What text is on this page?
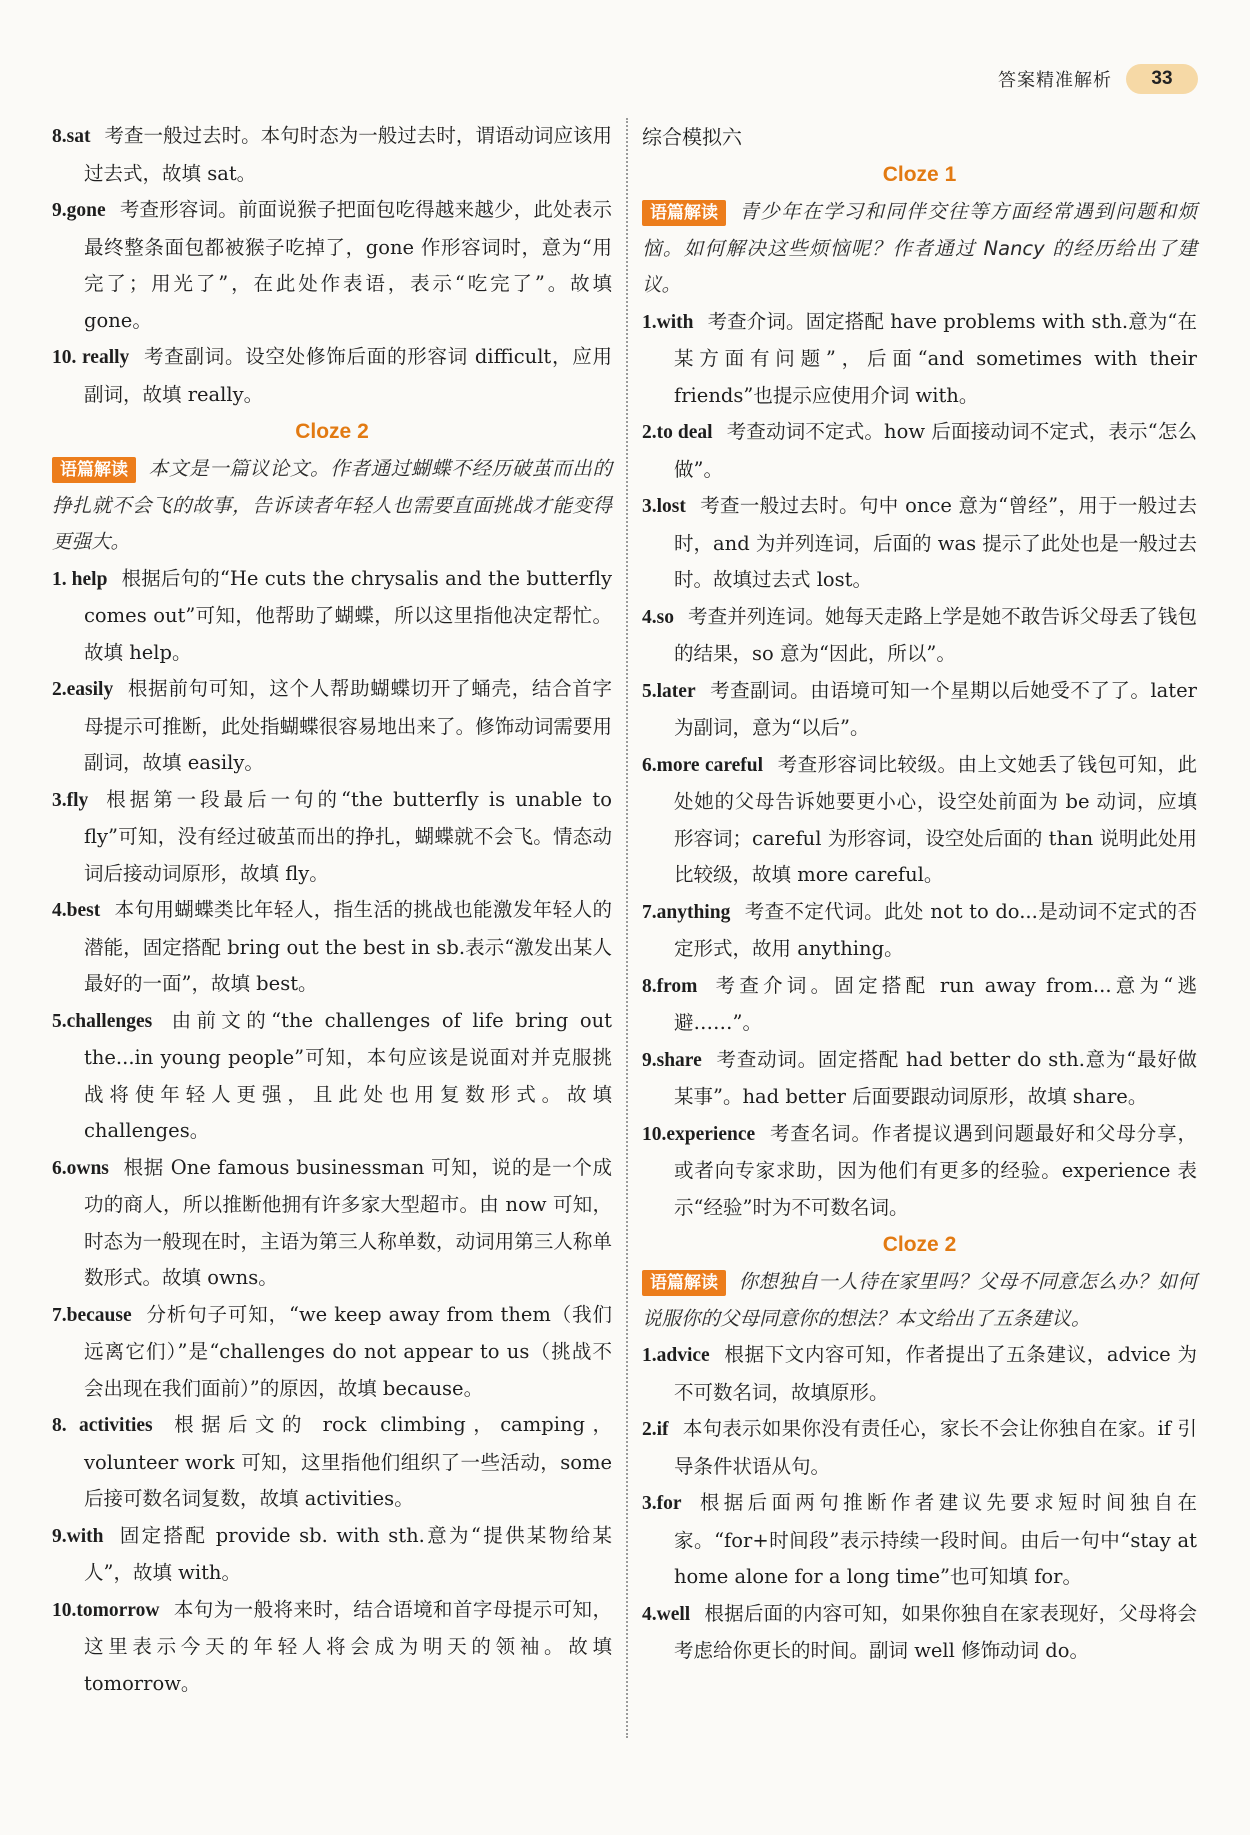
答案精准解析	33
8.sat 考查一般过去时。本句时态为一般过去时，谓语动词应该用过去式，故填 sat。
9.gone 考查形容词。前面说猴子把面包吃得越来越少，此处表示最终整条面包都被猴子吃掉了，gone 作形容词时，意为“用完了；用光了”，在此处作表语，表示“吃完了”。故填 gone。
10. really 考查副词。设空处修饰后面的形容词 difficult，应用副词，故填 really。
Cloze 2
语篇解读 本文是一篇议论文。作者通过蝴蝶不经历破茧而出的挣扎就不会飞的故事，告诉读者年轻人也需要直面挑战才能变得更强大。
1. help 根据后句的“He cuts the chrysalis and the butterfly comes out”可知，他帮助了蝴蝶，所以这里指他决定帮忙。故填 help。
2.easily 根据前句可知，这个人帮助蝴蝶切开了蛹壳，结合首字母提示可推断，此处指蝴蝶很容易地出来了。修饰动词需要用副词，故填 easily。
3.fly 根据第一段最后一句的“the butterfly is unable to fly”可知，没有经过破茧而出的挣扎，蝴蝶就不会飞。情态动词后接动词原形，故填 fly。
4.best 本句用蝴蝶类比年轻人，指生活的挑战也能激发年轻人的潜能，固定搭配 bring out the best in sb.表示“激发出某人最好的一面”，故填 best。
5.challenges 由前文的“the challenges of life bring out the...in young people”可知，本句应该是说面对并克服挑战将使年轻人更强，且此处也用复数形式。故填 challenges。
6.owns 根据 One famous businessman 可知，说的是一个成功的商人，所以推断他拥有许多家大型超市。由 now 可知，时态为一般现在时，主语为第三人称单数，动词用第三人称单数形式。故填 owns。
7.because 分析句子可知，“we keep away from them（我们远离它们）”是“challenges do not appear to us（挑战不会出现在我们面前）”的原因，故填 because。
8. activities 根据后文的 rock climbing，camping，volunteer work 可知，这里指他们组织了一些活动，some 后接可数名词复数，故填 activities。
9.with 固定搭配 provide sb. with sth.意为“提供某物给某人”，故填 with。
10.tomorrow 本句为一般将来时，结合语境和首字母提示可知，这里表示今天的年轻人将会成为明天的领袖。故填 tomorrow。
综合模拟六
Cloze 1
语篇解读 青少年在学习和同伴交往等方面经常遇到问题和烦恼。如何解决这些烦恼呢？作者通过 Nancy 的经历给出了建议。
1.with 考查介词。固定搭配 have problems with sth.意为“在某方面有问题”，后面“and sometimes with their friends”也提示应使用介词 with。
2.to deal 考查动词不定式。how 后面接动词不定式，表示“怎么做”。
3.lost 考查一般过去时。句中 once 意为“曾经”，用于一般过去时，and 为并列连词，后面的 was 提示了此处也是一般过去时。故填过去式 lost。
4.so 考查并列连词。她每天走路上学是她不敢告诉父母丢了钱包的结果，so 意为“因此，所以”。
5.later 考查副词。由语境可知一个星期以后她受不了了。later 为副词，意为“以后”。
6.more careful 考查形容词比较级。由上文她丢了钱包可知，此处她的父母告诉她要更小心，设空处前面为 be 动词，应填形容词；careful 为形容词，设空处后面的 than 说明此处用比较级，故填 more careful。
7.anything 考查不定代词。此处 not to do...是动词不定式的否定形式，故用 anything。
8.from 考查介词。固定搭配 run away from...意为“逃避……”。
9.share 考查动词。固定搭配 had better do sth.意为“最好做某事”。had better 后面要跟动词原形，故填 share。
10.experience 考查名词。作者提议遇到问题最好和父母分享，或者向专家求助，因为他们有更多的经验。experience 表示“经验”时为不可数名词。
Cloze 2
语篇解读 你想独自一人待在家里吗？父母不同意怎么办？如何说服你的父母同意你的想法？本文给出了五条建议。
1.advice 根据下文内容可知，作者提出了五条建议，advice 为不可数名词，故填原形。
2.if 本句表示如果你没有责任心，家长不会让你独自在家。if 引导条件状语从句。
3.for 根据后面两句推断作者建议先要求短时间独自在家。“for+时间段”表示持续一段时间。由后一句中“stay at home alone for a long time”也可知填 for。
4.well 根据后面的内容可知，如果你独自在家表现好，父母将会考虑给你更长的时间。副词 well 修饰动词 do。
